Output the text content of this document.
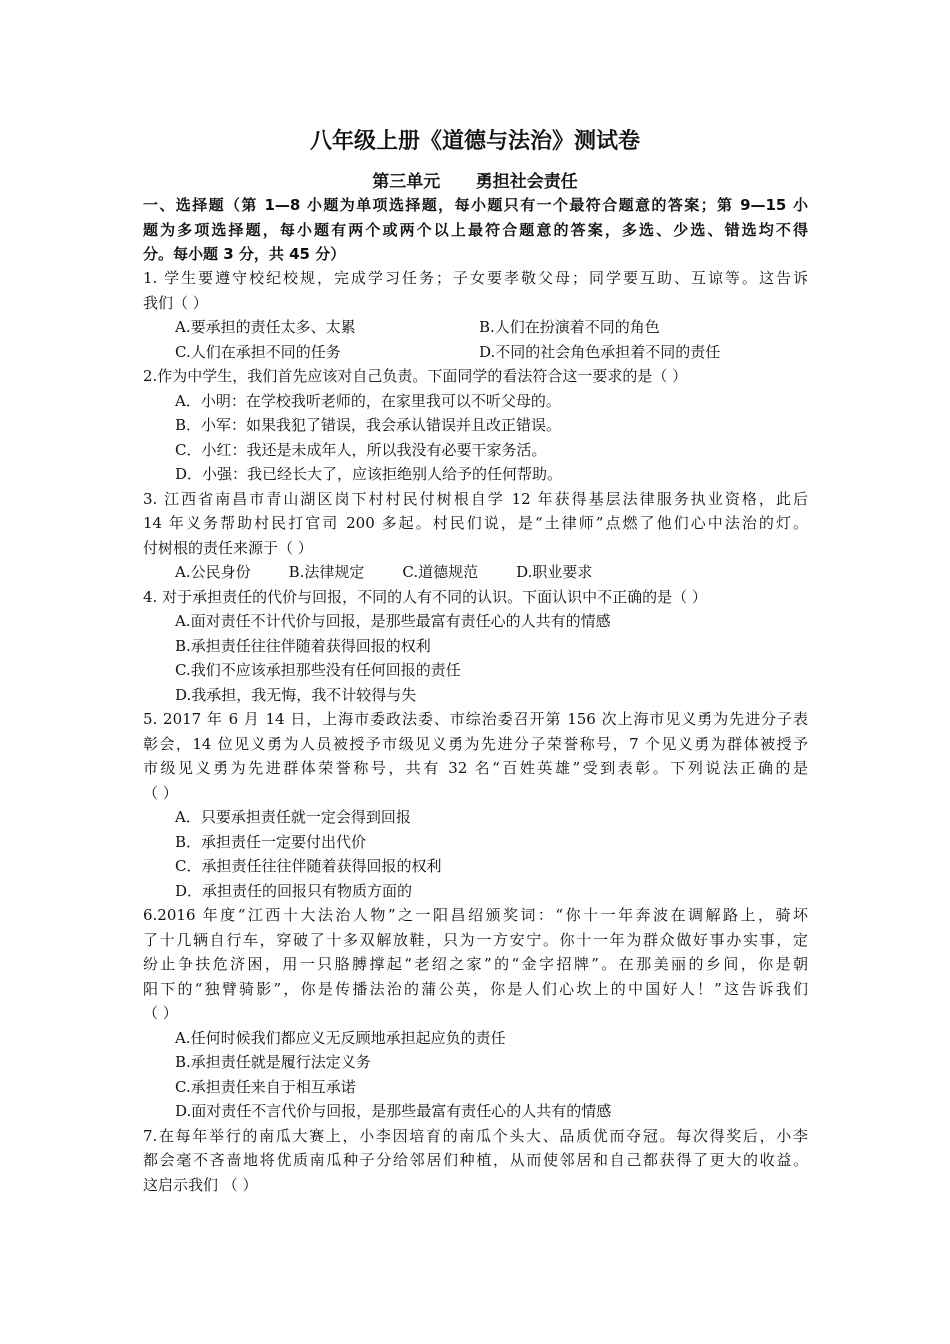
八年级上册《道德与法治》测试卷
第三单元      勇担社会责任
一、选择题（第 1—8 小题为单项选择题，每小题只有一个最符合题意的答案；第 9—15 小
题为多项选择题，每小题有两个或两个以上最符合题意的答案，多选、少选、错选均不得
分。每小题 3 分，共 45 分）
1. 学生要遵守校纪校规，完成学习任务；子女要孝敬父母；同学要互助、互谅等。这告诉
我们（ ）
A.要承担的责任太多、太累	B.人们在扮演着不同的角色
C.人们在承担不同的任务	D.不同的社会角色承担着不同的责任
2.作为中学生，我们首先应该对自己负责。下面同学的看法符合这一要求的是（ ）
A．小明：在学校我听老师的，在家里我可以不听父母的。
B．小军：如果我犯了错误，我会承认错误并且改正错误。
C．小红：我还是未成年人，所以我没有必要干家务活。
D．小强：我已经长大了，应该拒绝别人给予的任何帮助。
3. 江西省南昌市青山湖区岗下村村民付树根自学 12 年获得基层法律服务执业资格，此后
14 年义务帮助村民打官司 200 多起。村民们说，是“土律师”点燃了他们心中法治的灯。
付树根的责任来源于（ ）
A.公民身份	B.法律规定	C.道德规范	D.职业要求
4. 对于承担责任的代价与回报，不同的人有不同的认识。下面认识中不正确的是（ ）
A.面对责任不计代价与回报，是那些最富有责任心的人共有的情感
B.承担责任往往伴随着获得回报的权利
C.我们不应该承担那些没有任何回报的责任
D.我承担，我无悔，我不计较得与失
5. 2017 年 6 月 14 日，上海市委政法委、市综治委召开第 156 次上海市见义勇为先进分子表
彰会，14 位见义勇为人员被授予市级见义勇为先进分子荣誉称号，7 个见义勇为群体被授予
市级见义勇为先进群体荣誉称号，共有 32 名“百姓英雄”受到表彰。下列说法正确的是
（ ）
A．只要承担责任就一定会得到回报
B．承担责任一定要付出代价
C．承担责任往往伴随着获得回报的权利
D．承担责任的回报只有物质方面的
6.2016 年度“江西十大法治人物”之一阳昌绍颁奖词：“你十一年奔波在调解路上，骑坏
了十几辆自行车，穿破了十多双解放鞋，只为一方安宁。你十一年为群众做好事办实事，定
纷止争扶危济困，用一只胳膊撑起“老绍之家”的“金字招牌”。在那美丽的乡间，你是朝
阳下的“独臂骑影”，你是传播法治的蒲公英，你是人们心坎上的中国好人！”这告诉我们
（ ）
A.任何时候我们都应义无反顾地承担起应负的责任
B.承担责任就是履行法定义务
C.承担责任来自于相互承诺
D.面对责任不言代价与回报，是那些最富有责任心的人共有的情感
7.在每年举行的南瓜大赛上，小李因培育的南瓜个头大、品质优而夺冠。每次得奖后，小李
都会毫不吝啬地将优质南瓜种子分给邻居们种植，从而使邻居和自己都获得了更大的收益。
这启示我们 （ ）
